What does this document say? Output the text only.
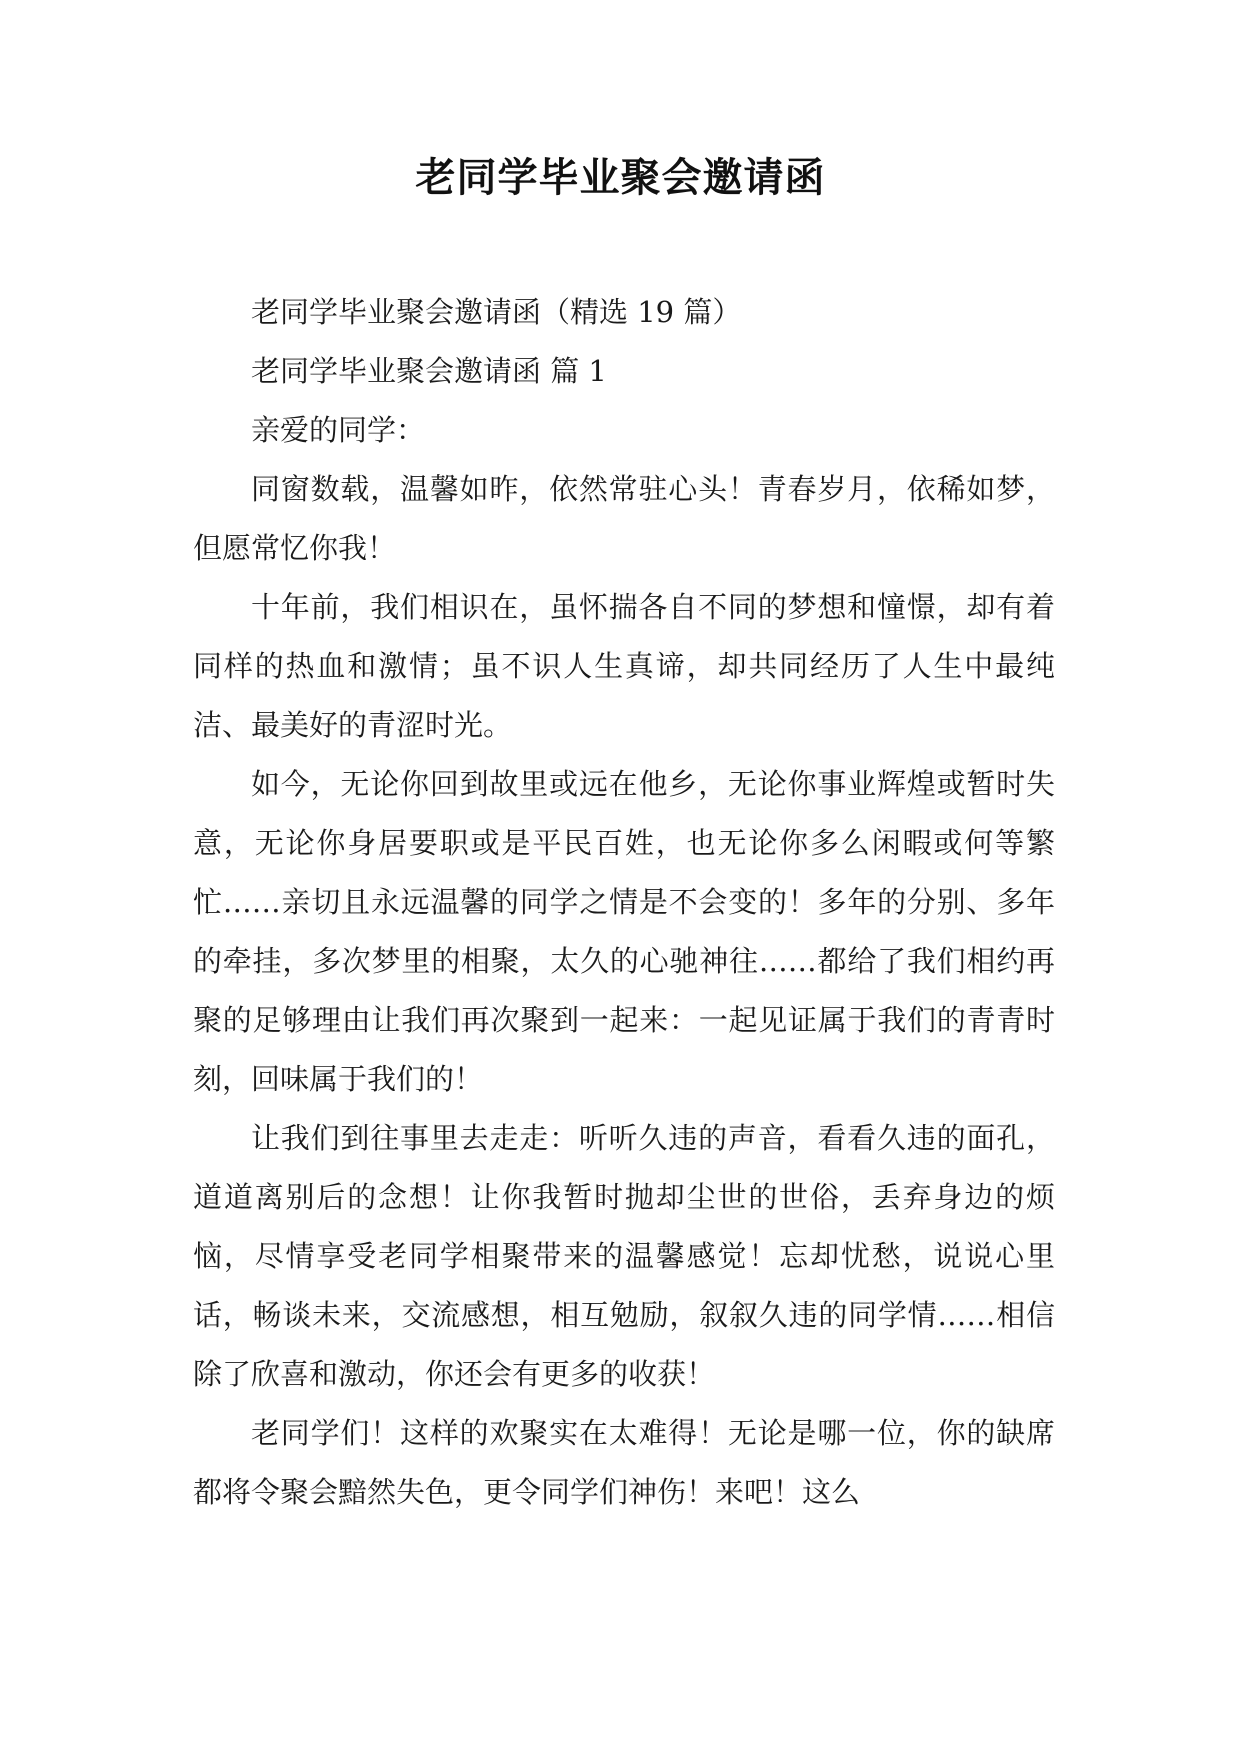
老同学毕业聚会邀请函

老同学毕业聚会邀请函（精选 19 篇）

老同学毕业聚会邀请函 篇 1

亲爱的同学：

同窗数载，温馨如昨，依然常驻心头！青春岁月，依稀如梦，但愿常忆你我！

十年前，我们相识在，虽怀揣各自不同的梦想和憧憬，却有着同样的热血和激情；虽不识人生真谛，却共同经历了人生中最纯洁、最美好的青涩时光。

如今，无论你回到故里或远在他乡，无论你事业辉煌或暂时失意，无论你身居要职或是平民百姓，也无论你多么闲暇或何等繁忙……亲切且永远温馨的同学之情是不会变的！多年的分别、多年的牵挂，多次梦里的相聚，太久的心驰神往……都给了我们相约再聚的足够理由让我们再次聚到一起来：一起见证属于我们的青青时刻，回味属于我们的！

让我们到往事里去走走：听听久违的声音，看看久违的面孔，道道离别后的念想！让你我暂时抛却尘世的世俗，丢弃身边的烦恼，尽情享受老同学相聚带来的温馨感觉！忘却忧愁，说说心里话，畅谈未来，交流感想，相互勉励，叙叙久违的同学情……相信除了欣喜和激动，你还会有更多的收获！

老同学们！这样的欢聚实在太难得！无论是哪一位，你的缺席都将令聚会黯然失色，更令同学们神伤！来吧！这么
